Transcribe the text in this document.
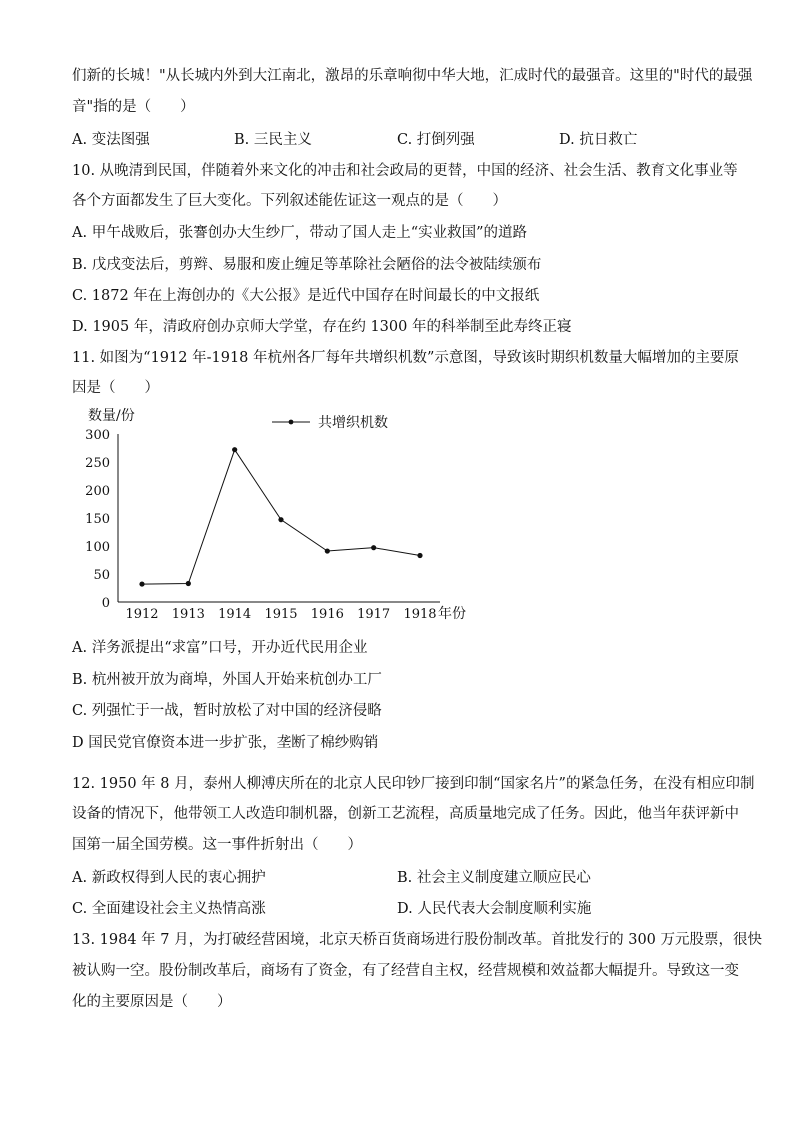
们新的长城！"从长城内外到大江南北，激昂的乐章响彻中华大地，汇成时代的最强音。这里的"时代的最强
音"指的是（　　）
A. 变法图强	B. 三民主义	C. 打倒列强	D. 抗日救亡
10. 从晚清到民国，伴随着外来文化的冲击和社会政局的更替，中国的经济、社会生活、教育文化事业等
各个方面都发生了巨大变化。下列叙述能佐证这一观点的是（　　）
A. 甲午战败后，张謇创办大生纱厂，带动了国人走上“实业救国”的道路
B. 戊戌变法后，剪辫、易服和废止缠足等革除社会陋俗的法令被陆续颁布
C. 1872 年在上海创办的《大公报》是近代中国存在时间最长的中文报纸
D. 1905 年，清政府创办京师大学堂，存在约 1300 年的科举制至此寿终正寝
11. 如图为“1912 年-1918 年杭州各厂每年共增织机数”示意图，导致该时期织机数量大幅增加的主要原
因是（　　）
0
50
100
150
200
250
300
1912 1913 1914 1915 1916 1917 1918
数量/份
年份
共增织机数
A. 洋务派提出“求富”口号，开办近代民用企业
B. 杭州被开放为商埠，外国人开始来杭创办工厂
C. 列强忙于一战，暂时放松了对中国的经济侵略
D 国民党官僚资本进一步扩张，垄断了棉纱购销
12. 1950 年 8 月，泰州人柳溥庆所在的北京人民印钞厂接到印制“国家名片”的紧急任务，在没有相应印制
设备的情况下，他带领工人改造印制机器，创新工艺流程，高质量地完成了任务。因此，他当年获评新中
国第一届全国劳模。这一事件折射出（　　）
A. 新政权得到人民的衷心拥护	B. 社会主义制度建立顺应民心
C. 全面建设社会主义热情高涨	D. 人民代表大会制度顺利实施
13. 1984 年 7 月，为打破经营困境，北京天桥百货商场进行股份制改革。首批发行的 300 万元股票，很快
被认购一空。股份制改革后，商场有了资金，有了经营自主权，经营规模和效益都大幅提升。导致这一变
化的主要原因是（　　）
